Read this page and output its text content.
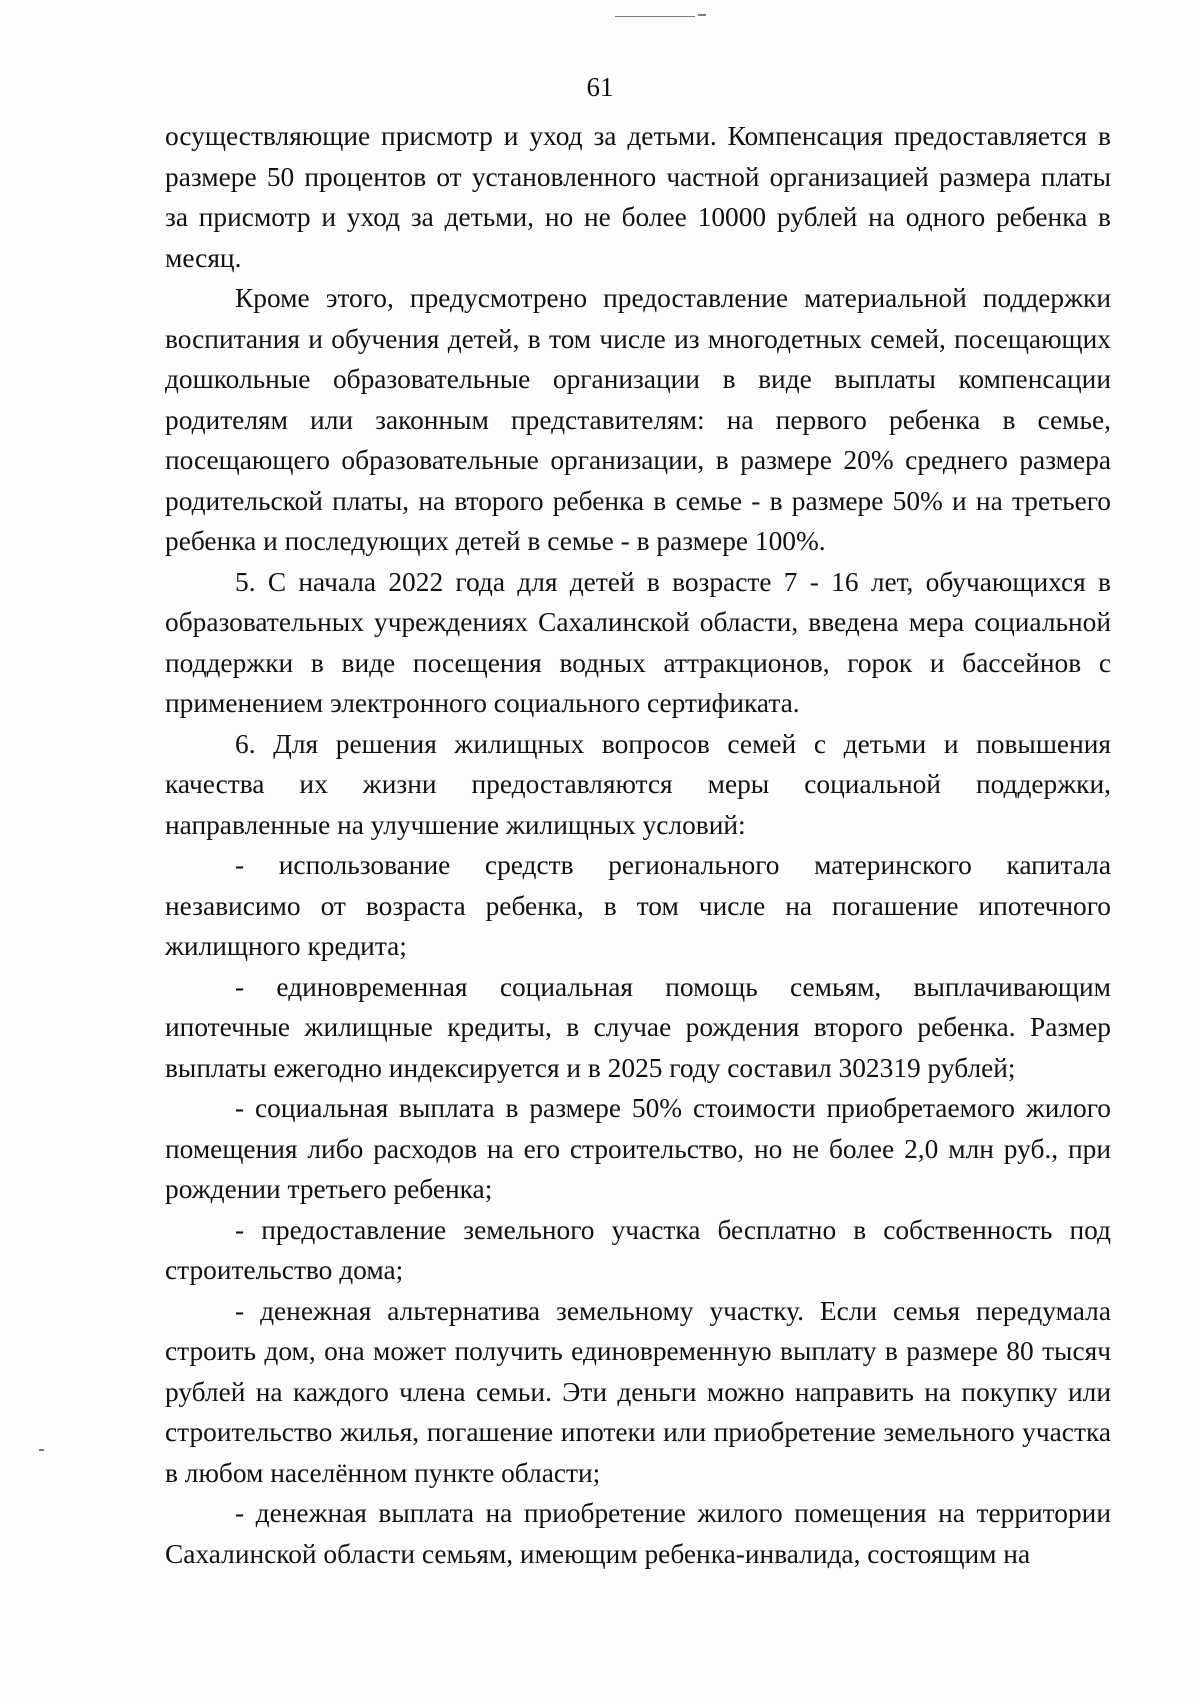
61

осуществляющие присмотр и уход за детьми. Компенсация предоставляется в размере 50 процентов от установленного частной организацией размера платы за присмотр и уход за детьми, но не более 10000 рублей на одного ребенка в месяц.

Кроме этого, предусмотрено предоставление материальной поддержки воспитания и обучения детей, в том числе из многодетных семей, посещающих дошкольные образовательные организации в виде выплаты компенсации родителям или законным представителям: на первого ребенка в семье, посещающего образовательные организации, в размере 20% среднего размера родительской платы, на второго ребенка в семье - в размере 50% и на третьего ребенка и последующих детей в семье - в размере 100%.

5. С начала 2022 года для детей в возрасте 7 - 16 лет, обучающихся в образовательных учреждениях Сахалинской области, введена мера социальной поддержки в виде посещения водных аттракционов, горок и бассейнов с применением электронного социального сертификата.

6. Для решения жилищных вопросов семей с детьми и повышения качества их жизни предоставляются меры социальной поддержки, направленные на улучшение жилищных условий:

- использование средств регионального материнского капитала независимо от возраста ребенка, в том числе на погашение ипотечного жилищного кредита;

- единовременная социальная помощь семьям, выплачивающим ипотечные жилищные кредиты, в случае рождения второго ребенка. Размер выплаты ежегодно индексируется и в 2025 году составил 302319 рублей;

- социальная выплата в размере 50% стоимости приобретаемого жилого помещения либо расходов на его строительство, но не более 2,0 млн руб., при рождении третьего ребенка;

- предоставление земельного участка бесплатно в собственность под строительство дома;

- денежная альтернатива земельному участку. Если семья передумала строить дом, она может получить единовременную выплату в размере 80 тысяч рублей на каждого члена семьи. Эти деньги можно направить на покупку или строительство жилья, погашение ипотеки или приобретение земельного участка в любом населённом пункте области;

- денежная выплата на приобретение жилого помещения на территории Сахалинской области семьям, имеющим ребенка-инвалида, состоящим на
